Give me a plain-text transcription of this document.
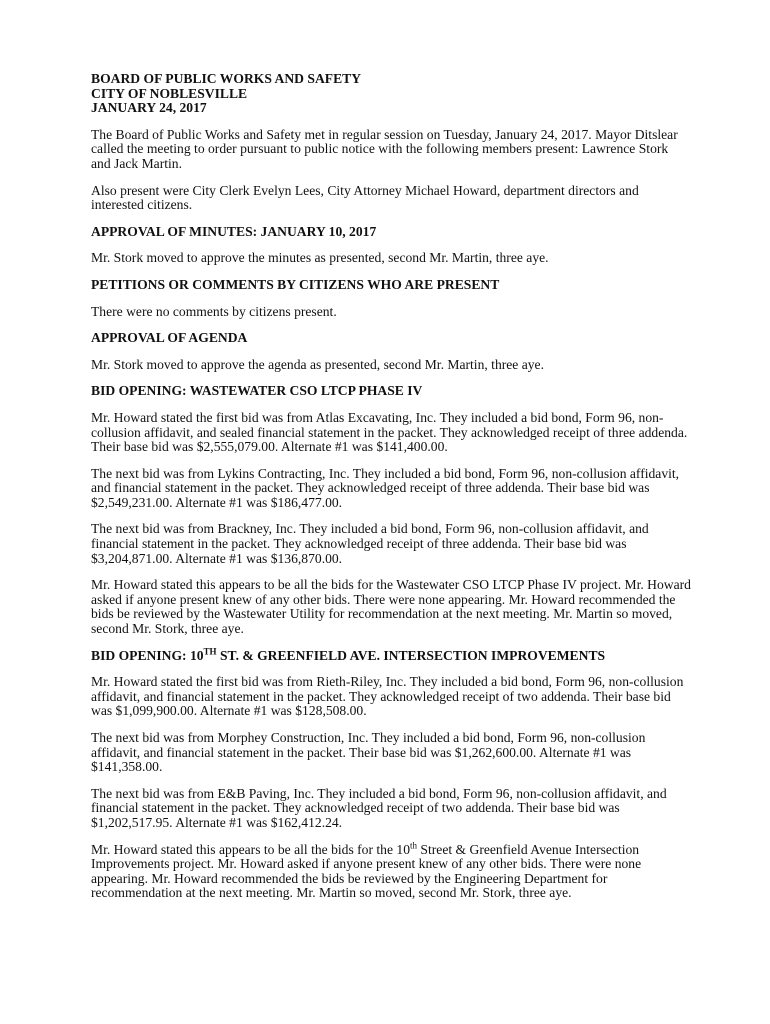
BOARD OF PUBLIC WORKS AND SAFETY
CITY OF NOBLESVILLE
JANUARY 24, 2017

The Board of Public Works and Safety met in regular session on Tuesday, January 24, 2017. Mayor Ditslear called the meeting to order pursuant to public notice with the following members present: Lawrence Stork and Jack Martin.

Also present were City Clerk Evelyn Lees, City Attorney Michael Howard, department directors and interested citizens.

APPROVAL OF MINUTES: JANUARY 10, 2017

Mr. Stork moved to approve the minutes as presented, second Mr. Martin, three aye.

PETITIONS OR COMMENTS BY CITIZENS WHO ARE PRESENT

There were no comments by citizens present.

APPROVAL OF AGENDA

Mr. Stork moved to approve the agenda as presented, second Mr. Martin, three aye.

BID OPENING: WASTEWATER CSO LTCP PHASE IV

Mr. Howard stated the first bid was from Atlas Excavating, Inc. They included a bid bond, Form 96, non-collusion affidavit, and sealed financial statement in the packet. They acknowledged receipt of three addenda. Their base bid was $2,555,079.00. Alternate #1 was $141,400.00.

The next bid was from Lykins Contracting, Inc. They included a bid bond, Form 96, non-collusion affidavit, and financial statement in the packet. They acknowledged receipt of three addenda. Their base bid was $2,549,231.00. Alternate #1 was $186,477.00.

The next bid was from Brackney, Inc. They included a bid bond, Form 96, non-collusion affidavit, and financial statement in the packet. They acknowledged receipt of three addenda. Their base bid was $3,204,871.00. Alternate #1 was $136,870.00.

Mr. Howard stated this appears to be all the bids for the Wastewater CSO LTCP Phase IV project. Mr. Howard asked if anyone present knew of any other bids. There were none appearing. Mr. Howard recommended the bids be reviewed by the Wastewater Utility for recommendation at the next meeting. Mr. Martin so moved, second Mr. Stork, three aye.

BID OPENING: 10TH ST. & GREENFIELD AVE. INTERSECTION IMPROVEMENTS

Mr. Howard stated the first bid was from Rieth-Riley, Inc. They included a bid bond, Form 96, non-collusion affidavit, and financial statement in the packet. They acknowledged receipt of two addenda. Their base bid was $1,099,900.00. Alternate #1 was $128,508.00.

The next bid was from Morphey Construction, Inc. They included a bid bond, Form 96, non-collusion affidavit, and financial statement in the packet. Their base bid was $1,262,600.00. Alternate #1 was $141,358.00.

The next bid was from E&B Paving, Inc. They included a bid bond, Form 96, non-collusion affidavit, and financial statement in the packet. They acknowledged receipt of two addenda. Their base bid was $1,202,517.95. Alternate #1 was $162,412.24.

Mr. Howard stated this appears to be all the bids for the 10th Street & Greenfield Avenue Intersection Improvements project. Mr. Howard asked if anyone present knew of any other bids. There were none appearing. Mr. Howard recommended the bids be reviewed by the Engineering Department for recommendation at the next meeting. Mr. Martin so moved, second Mr. Stork, three aye.
